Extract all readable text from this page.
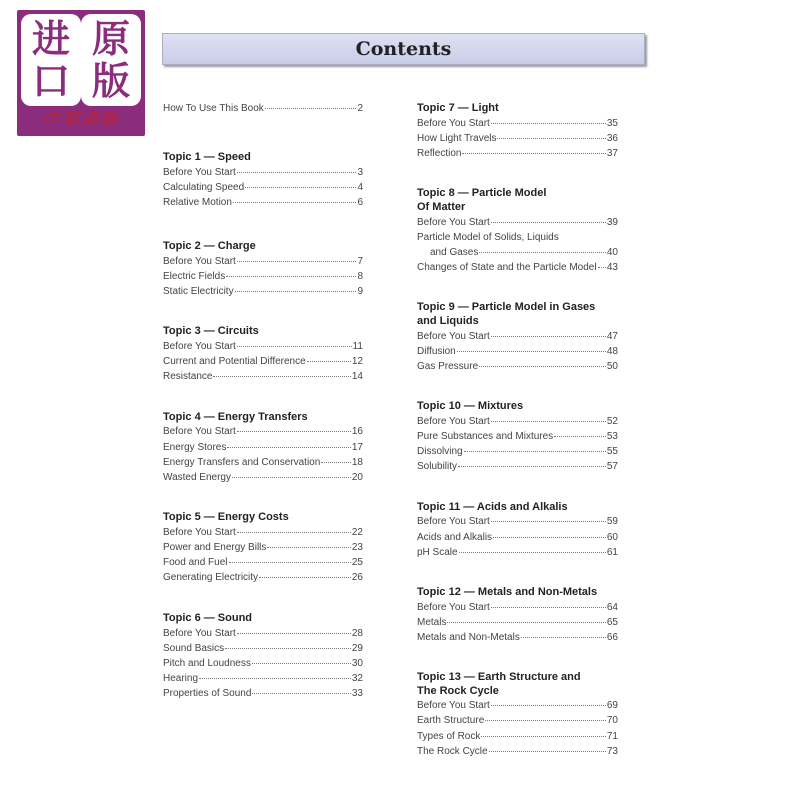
进
口
原
版
中華商務
Contents
How To Use This Book	2
Topic 1 — Speed
Before You Start	3
Calculating Speed	4
Relative Motion	6
Topic 2 — Charge
Before You Start	7
Electric Fields	8
Static Electricity	9
Topic 3 — Circuits
Before You Start	11
Current and Potential Difference	12
Resistance	14
Topic 4 — Energy Transfers
Before You Start	16
Energy Stores	17
Energy Transfers and Conservation	18
Wasted Energy	20
Topic 5 — Energy Costs
Before You Start	22
Power and Energy Bills	23
Food and Fuel	25
Generating Electricity	26
Topic 6 — Sound
Before You Start	28
Sound Basics	29
Pitch and Loudness	30
Hearing	32
Properties of Sound	33
Topic 7 — Light
Before You Start	35
How Light Travels	36
Reflection	37
Topic 8 — Particle Model
Of Matter
Before You Start	39
Particle Model of Solids, Liquids
and Gases	40
Changes of State and the Particle Model 43
Topic 9 — Particle Model in Gases
and Liquids
Before You Start	47
Diffusion	48
Gas Pressure	50
Topic 10 — Mixtures
Before You Start	52
Pure Substances and Mixtures	53
Dissolving	55
Solubility	57
Topic 11 — Acids and Alkalis
Before You Start	59
Acids and Alkalis	60
pH Scale	61
Topic 12 — Metals and Non-Metals
Before You Start	64
Metals	65
Metals and Non-Metals	66
Topic 13 — Earth Structure and
The Rock Cycle
Before You Start	69
Earth Structure	70
Types of Rock	71
The Rock Cycle	73
